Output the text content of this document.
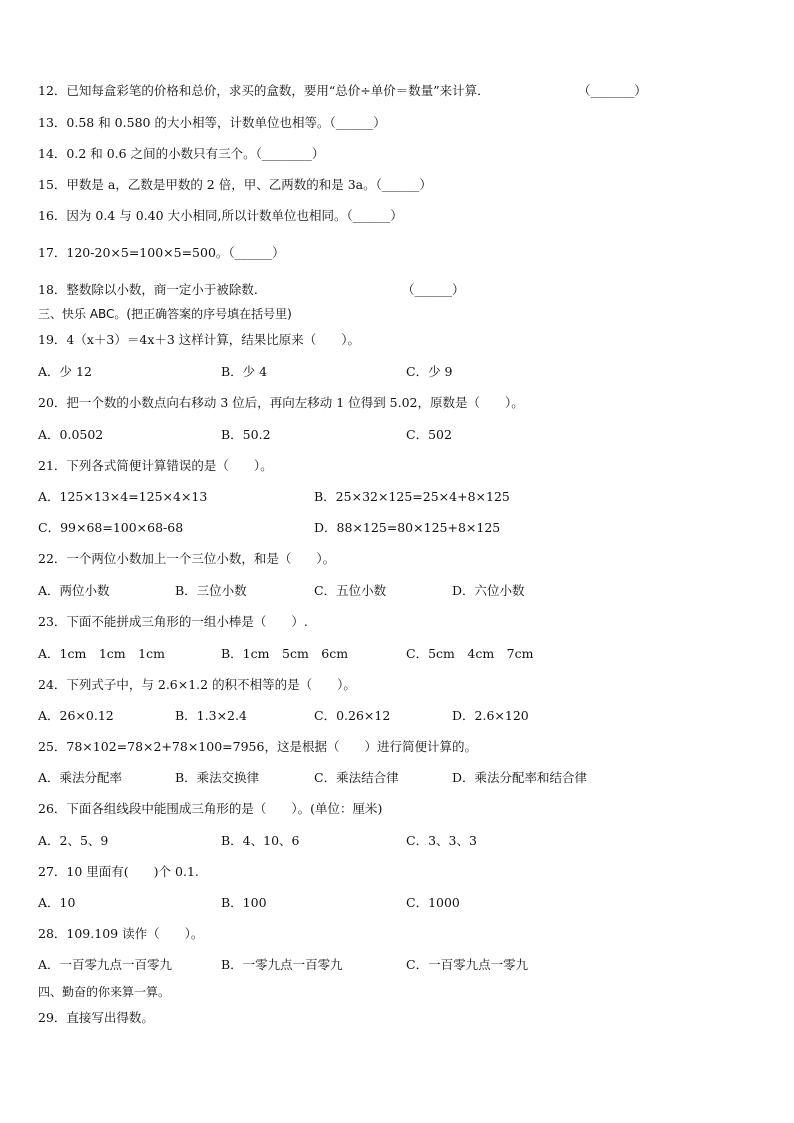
12．已知每盒彩笔的价格和总价，求买的盒数，要用“总价÷单价＝数量”来计算．	（_______）
13．0.58 和 0.580 的大小相等，计数单位也相等。（______）
14．0.2 和 0.6 之间的小数只有三个。（________）
15．甲数是 a，乙数是甲数的 2 倍，甲、乙两数的和是 3a。（______）
16．因为 0.4 与 0.40 大小相同,所以计数单位也相同。（______）
17．120-20×5=100×5=500。（______）
18．整数除以小数，商一定小于被除数.	（______）
三、快乐 ABC。(把正确答案的序号填在括号里)
19．4（x＋3）＝4x＋3 这样计算，结果比原来（　　）。
A．少 12	B．少 4	C．少 9
20．把一个数的小数点向右移动 3 位后，再向左移动 1 位得到 5.02，原数是（　　）。
A．0.0502	B．50.2	C．502
21．下列各式简便计算错误的是（　　）。
A．125×13×4=125×4×13	B．25×32×125=25×4+8×125
C．99×68=100×68-68	D．88×125=80×125+8×125
22．一个两位小数加上一个三位小数，和是（　　）。
A．两位小数	B．三位小数	C．五位小数	D．六位小数
23．下面不能拼成三角形的一组小棒是（　　）.
A．1cm　1cm　1cm	B．1cm　5cm　6cm	C．5cm　4cm　7cm
24．下列式子中，与 2.6×1.2 的积不相等的是（　　）。
A．26×0.12	B．1.3×2.4	C．0.26×12	D．2.6×120
25．78×102=78×2+78×100=7956，这是根据（　　）进行简便计算的。
A．乘法分配率	B．乘法交换律	C．乘法结合律	D．乘法分配率和结合律
26．下面各组线段中能围成三角形的是（　　）。(单位：厘米)
A．2、5、9	B．4、10、6	C．3、3、3
27．10 里面有(　　)个 0.1.
A．10	B．100	C．1000
28．109.109 读作（　　）。
A．一百零九点一百零九	B．一零九点一百零九	C．一百零九点一零九
四、勤奋的你来算一算。
29．直接写出得数。
